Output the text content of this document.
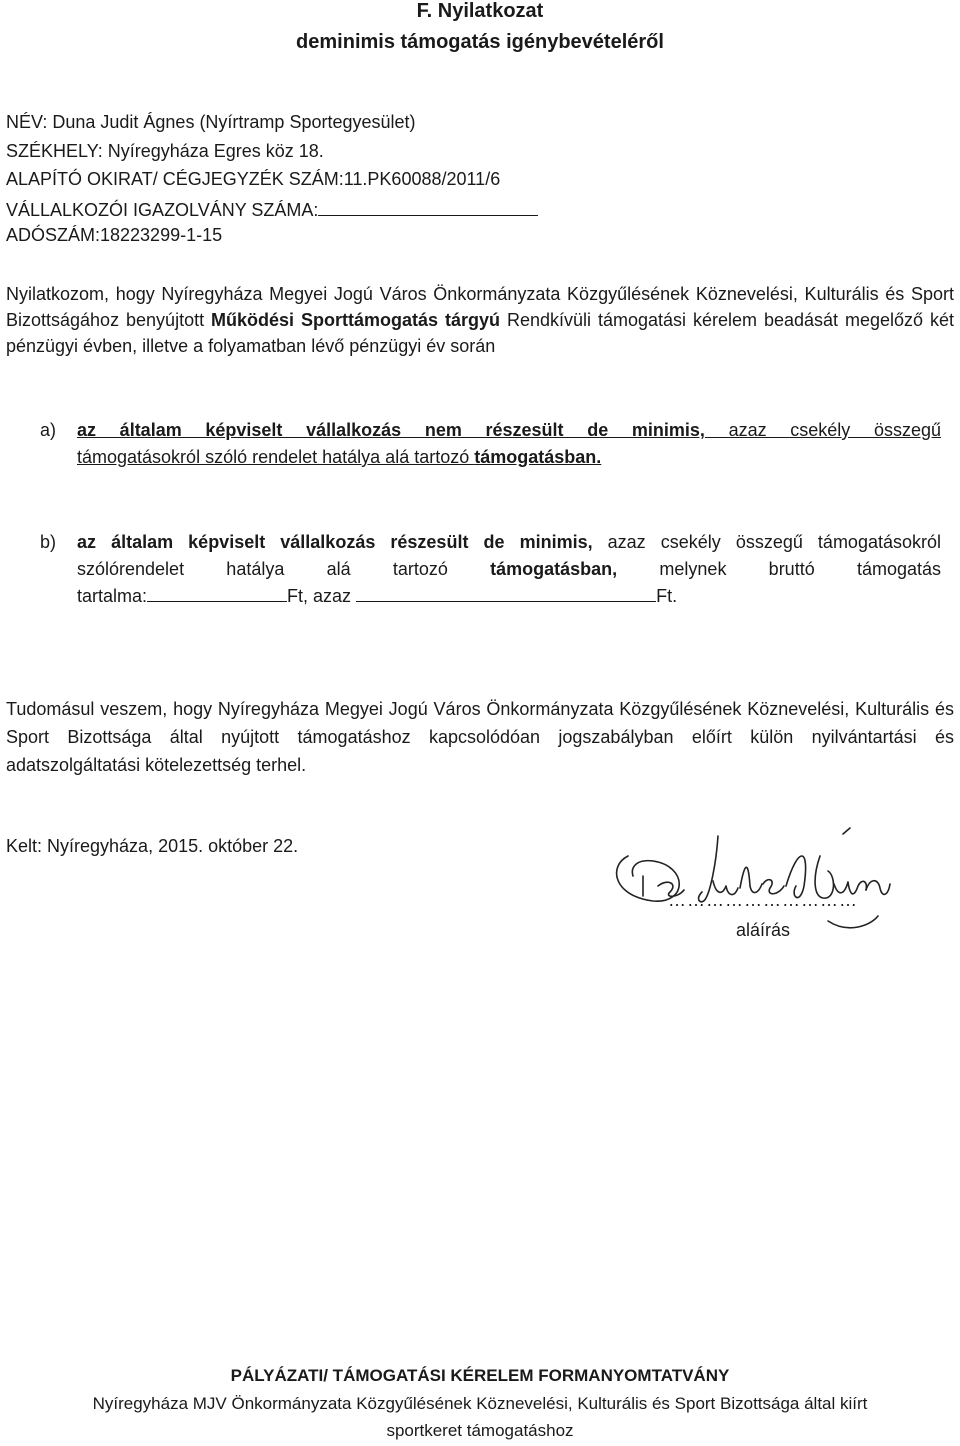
F. Nyilatkozat
deminimis támogatás igénybevételéről
NÉV: Duna Judit Ágnes (Nyírtramp Sportegyesület)
SZÉKHELY: Nyíregyháza Egres köz 18.
ALAPÍTÓ OKIRAT/ CÉGJEGYZÉK SZÁM:11.PK60088/2011/6
VÁLLALKOZÓI IGAZOLVÁNY SZÁMA:
ADÓSZÁM:18223299-1-15
Nyilatkozom, hogy Nyíregyháza Megyei Jogú Város Önkormányzata Közgyűlésének Köznevelési, Kulturális és Sport Bizottságához benyújtott Működési Sporttámogatás tárgyú Rendkívüli támogatási kérelem beadását megelőző két pénzügyi évben, illetve a folyamatban lévő pénzügyi év során
a) az általam képviselt vállalkozás nem részesült de minimis, azaz csekély összegű
támogatásokról szóló rendelet hatálya alá tartozó támogatásban.
b) az általam képviselt vállalkozás részesült de minimis, azaz csekély összegű támogatásokról
szólórendelet hatálya alá tartozó támogatásban, melynek bruttó támogatás
tartalma:	Ft, azaz	Ft.
Tudomásul veszem, hogy Nyíregyháza Megyei Jogú Város Önkormányzata Közgyűlésének Köznevelési, Kulturális és Sport Bizottsága által nyújtott támogatáshoz kapcsolódóan jogszabályban előírt külön nyilvántartási és adatszolgáltatási kötelezettség terhel.
Kelt: Nyíregyháza, 2015. október 22.
…………………………
aláírás
PÁLYÁZATI/ TÁMOGATÁSI KÉRELEM FORMANYOMTATVÁNY
Nyíregyháza MJV Önkormányzata Közgyűlésének Köznevelési, Kulturális és Sport Bizottsága által kiírt
sportkeret támogatáshoz
